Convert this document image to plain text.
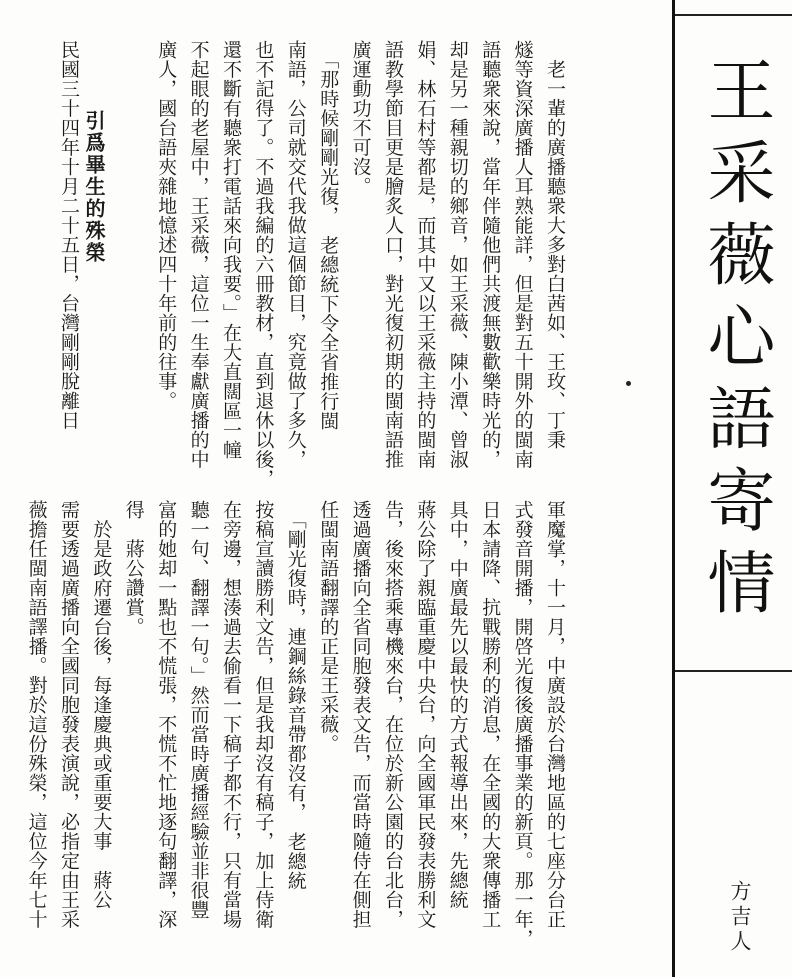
王采薇心語寄情
方吉人
引爲畢生的殊榮	　老一輩的廣播聽衆大多對白茜如、王玫、丁秉
燧等資深廣播人耳熟能詳，但是對五十開外的閩南
語聽衆來說，當年伴隨他們共渡無數歡樂時光的，
却是另一種親切的鄉音，如王采薇、陳小潭、曾淑
娟、林石村等都是，而其中又以王采薇主持的閩南
語教學節目更是膾炙人口，對光復初期的閩南語推
廣運動功不可沒。
　「那時候剛剛光復，　老總統下令全省推行閩
南語，公司就交代我做這個節目，究竟做了多久，
也不記得了。不過我編的六冊教材，直到退休以後，
還不斷有聽衆打電話來向我要。」在大直闊區一幢
不起眼的老屋中，王采薇，這位一生奉獻廣播的中
廣人，國台語夾雜地憶述四十年前的往事。
民國三十四年十月二十五日，台灣剛剛脫離日
軍魔掌，十一月，中廣設於台灣地區的七座分台正
式發音開播，開啓光復後廣播事業的新頁。那一年，
日本請降、抗戰勝利的消息，在全國的大衆傳播工
具中，中廣最先以最快的方式報導出來，先總統
蔣公除了親臨重慶中央台，向全國軍民發表勝利文
告，後來搭乘專機來台，在位於新公園的台北台，
透過廣播向全省同胞發表文告，而當時隨侍在側担
任閩南語翻譯的正是王采薇。
　「剛光復時，連鋼絲錄音帶都沒有，　老總統
按稿宣讀勝利文告，但是我却沒有稿子，加上侍衛
在旁邊，想湊過去偷看一下稿子都不行，只有當場
聽一句、翻譯一句。」然而當時廣播經驗並非很豐
富的她却一點也不慌張，不慌不忙地逐句翻譯，深
得　蔣公讚賞。
　於是政府遷台後，每逢慶典或重要大事　蔣公
需要透過廣播向全國同胞發表演說，必指定由王采
薇擔任閩南語譯播。對於這份殊榮，這位今年七十
